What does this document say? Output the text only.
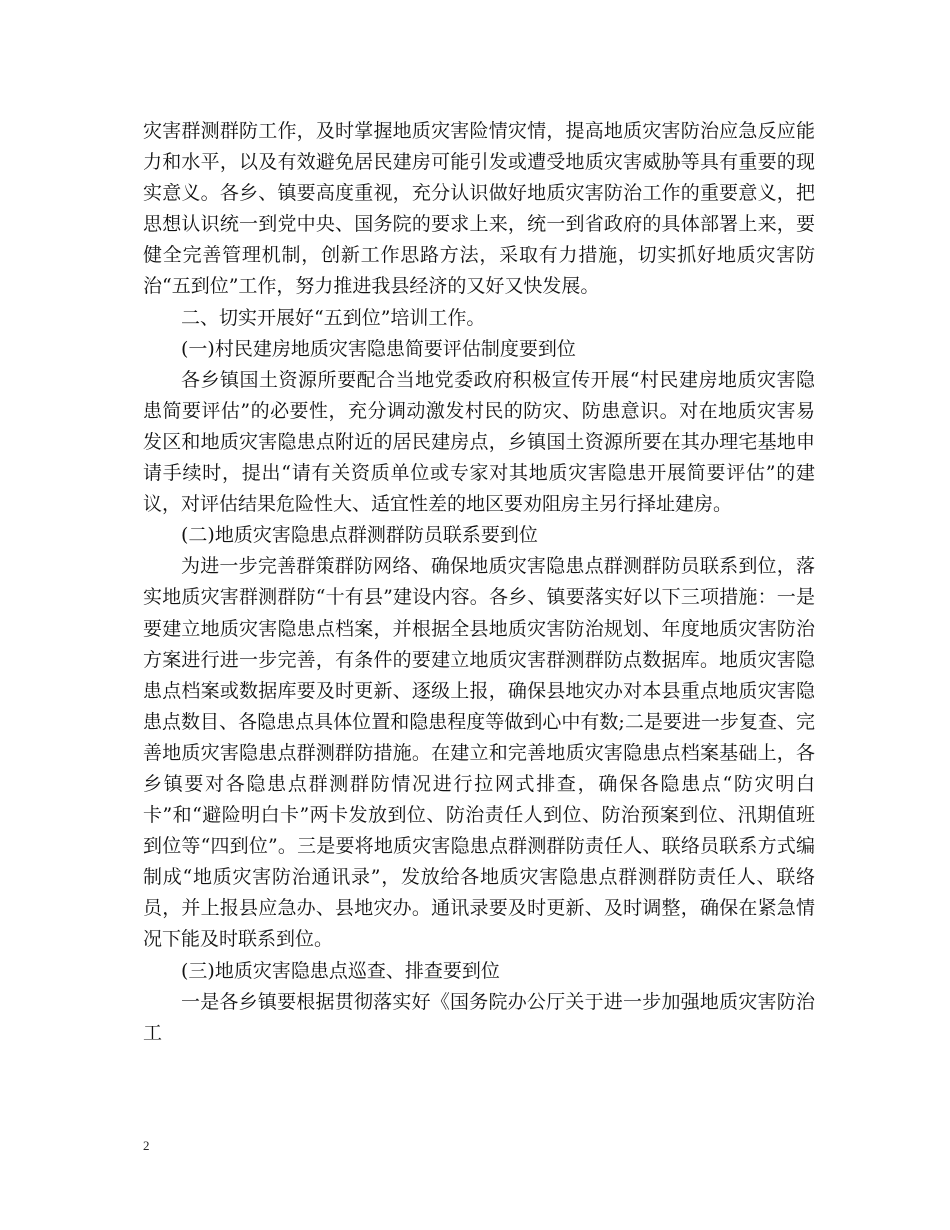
灾害群测群防工作，及时掌握地质灾害险情灾情，提高地质灾害防治应急反应能力和水平，以及有效避免居民建房可能引发或遭受地质灾害威胁等具有重要的现实意义。各乡、镇要高度重视，充分认识做好地质灾害防治工作的重要意义，把思想认识统一到党中央、国务院的要求上来，统一到省政府的具体部署上来，要健全完善管理机制，创新工作思路方法，采取有力措施，切实抓好地质灾害防治“五到位”工作，努力推进我县经济的又好又快发展。

二、切实开展好“五到位”培训工作。

(一)村民建房地质灾害隐患简要评估制度要到位

各乡镇国土资源所要配合当地党委政府积极宣传开展“村民建房地质灾害隐患简要评估”的必要性，充分调动激发村民的防灾、防患意识。对在地质灾害易发区和地质灾害隐患点附近的居民建房点，乡镇国土资源所要在其办理宅基地申请手续时，提出“请有关资质单位或专家对其地质灾害隐患开展简要评估”的建议，对评估结果危险性大、适宜性差的地区要劝阻房主另行择址建房。

(二)地质灾害隐患点群测群防员联系要到位

为进一步完善群策群防网络、确保地质灾害隐患点群测群防员联系到位，落实地质灾害群测群防“十有县”建设内容。各乡、镇要落实好以下三项措施：一是要建立地质灾害隐患点档案，并根据全县地质灾害防治规划、年度地质灾害防治方案进行进一步完善，有条件的要建立地质灾害群测群防点数据库。地质灾害隐患点档案或数据库要及时更新、逐级上报，确保县地灾办对本县重点地质灾害隐患点数目、各隐患点具体位置和隐患程度等做到心中有数;二是要进一步复查、完善地质灾害隐患点群测群防措施。在建立和完善地质灾害隐患点档案基础上，各乡镇要对各隐患点群测群防情况进行拉网式排查，确保各隐患点“防灾明白卡”和“避险明白卡”两卡发放到位、防治责任人到位、防治预案到位、汛期值班到位等“四到位”。三是要将地质灾害隐患点群测群防责任人、联络员联系方式编制成“地质灾害防治通讯录”，发放给各地质灾害隐患点群测群防责任人、联络员，并上报县应急办、县地灾办。通讯录要及时更新、及时调整，确保在紧急情况下能及时联系到位。

(三)地质灾害隐患点巡查、排查要到位

一是各乡镇要根据贯彻落实好《国务院办公厅关于进一步加强地质灾害防治工

2
